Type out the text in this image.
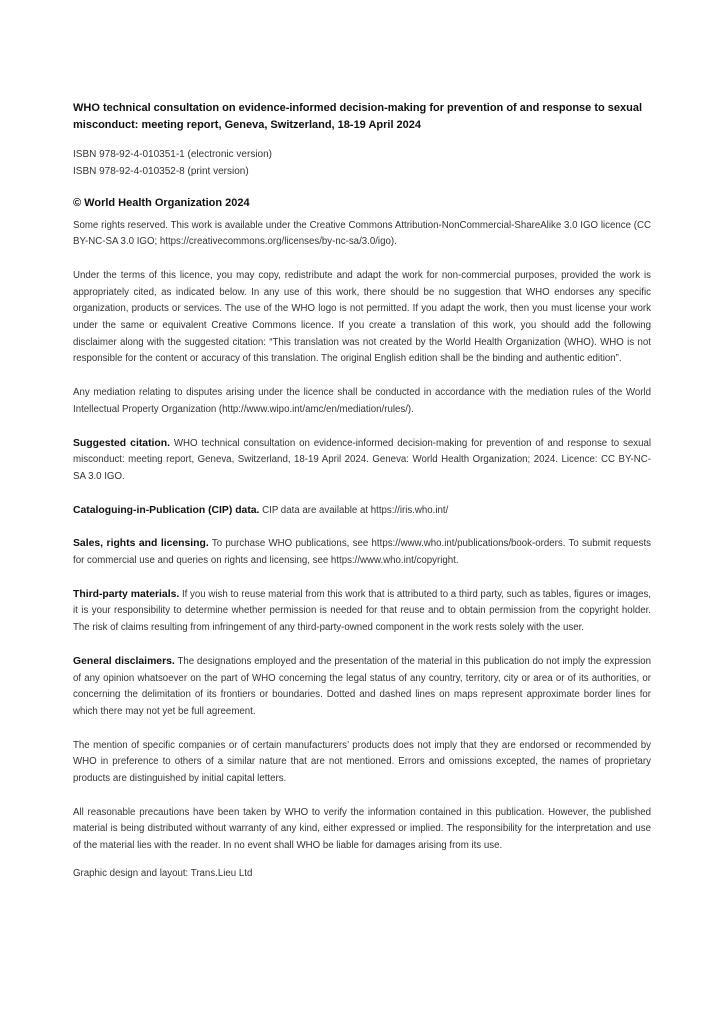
WHO technical consultation on evidence-informed decision-making for prevention of and response to sexual misconduct: meeting report, Geneva, Switzerland, 18-19 April 2024

ISBN 978-92-4-010351-1 (electronic version)

ISBN 978-92-4-010352-8 (print version)

© World Health Organization 2024

Some rights reserved. This work is available under the Creative Commons Attribution-NonCommercial-ShareAlike 3.0 IGO licence (CC BY-NC-SA 3.0 IGO; https://creativecommons.org/licenses/by-nc-sa/3.0/igo).

Under the terms of this licence, you may copy, redistribute and adapt the work for non-commercial purposes, provided the work is appropriately cited, as indicated below. In any use of this work, there should be no suggestion that WHO endorses any specific organization, products or services. The use of the WHO logo is not permitted. If you adapt the work, then you must license your work under the same or equivalent Creative Commons licence. If you create a translation of this work, you should add the following disclaimer along with the suggested citation: “This translation was not created by the World Health Organization (WHO). WHO is not responsible for the content or accuracy of this translation. The original English edition shall be the binding and authentic edition”.

Any mediation relating to disputes arising under the licence shall be conducted in accordance with the mediation rules of the World Intellectual Property Organization (http://www.wipo.int/amc/en/mediation/rules/).

Suggested citation. WHO technical consultation on evidence-informed decision-making for prevention of and response to sexual misconduct: meeting report, Geneva, Switzerland, 18-19 April 2024. Geneva: World Health Organization; 2024. Licence: CC BY-NC-SA 3.0 IGO.

Cataloguing-in-Publication (CIP) data. CIP data are available at https://iris.who.int/

Sales, rights and licensing. To purchase WHO publications, see https://www.who.int/publications/book-orders. To submit requests for commercial use and queries on rights and licensing, see https://www.who.int/copyright.

Third-party materials. If you wish to reuse material from this work that is attributed to a third party, such as tables, figures or images, it is your responsibility to determine whether permission is needed for that reuse and to obtain permission from the copyright holder. The risk of claims resulting from infringement of any third-party-owned component in the work rests solely with the user.

General disclaimers. The designations employed and the presentation of the material in this publication do not imply the expression of any opinion whatsoever on the part of WHO concerning the legal status of any country, territory, city or area or of its authorities, or concerning the delimitation of its frontiers or boundaries. Dotted and dashed lines on maps represent approximate border lines for which there may not yet be full agreement.

The mention of specific companies or of certain manufacturers’ products does not imply that they are endorsed or recommended by WHO in preference to others of a similar nature that are not mentioned. Errors and omissions excepted, the names of proprietary products are distinguished by initial capital letters.

All reasonable precautions have been taken by WHO to verify the information contained in this publication. However, the published material is being distributed without warranty of any kind, either expressed or implied. The responsibility for the interpretation and use of the material lies with the reader. In no event shall WHO be liable for damages arising from its use.

Graphic design and layout: Trans.Lieu Ltd
